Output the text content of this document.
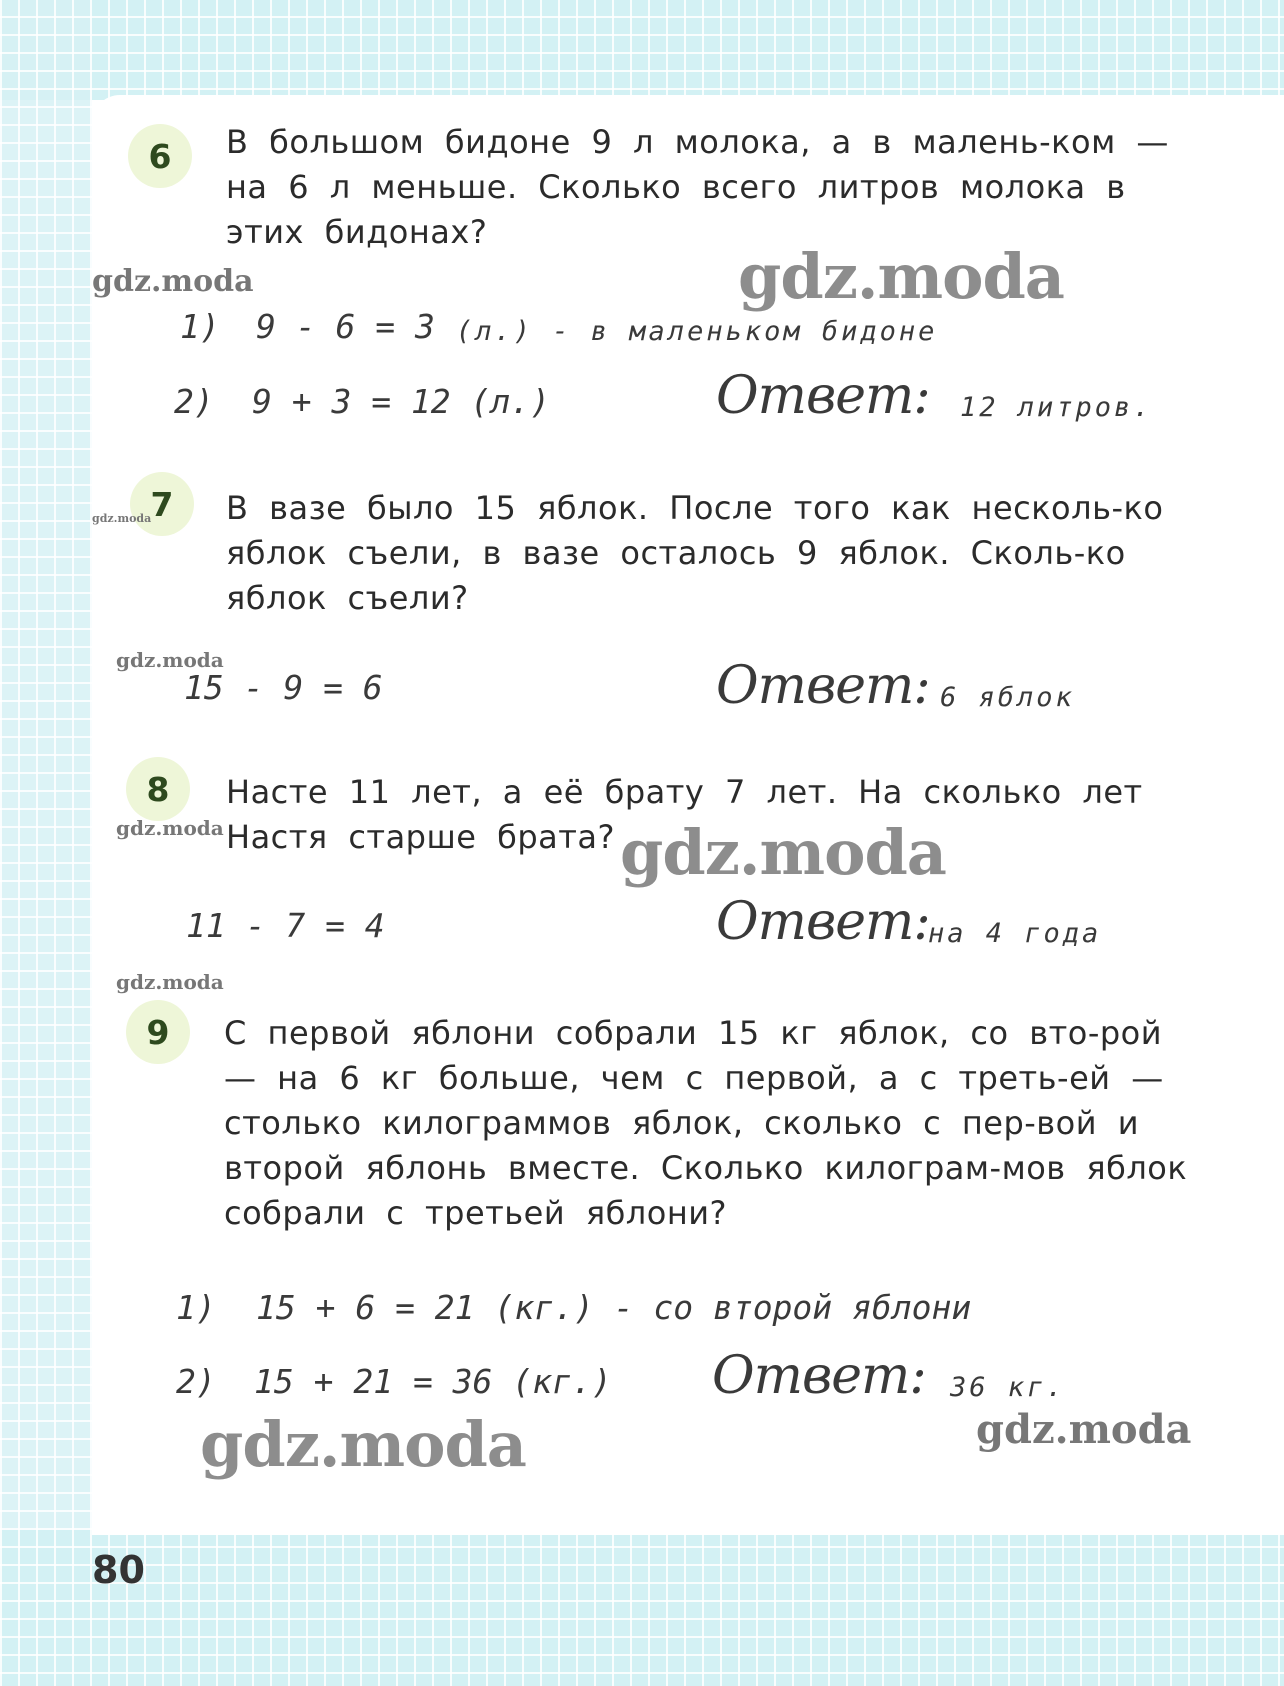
6	В большом бидоне 9 л молока, а в малень-ком — на 6 л меньше. Сколько всего литров молока в этих бидонах?
1) 9 - 6 = 3 (л.) - в маленьком бидоне
2) 9 + 3 = 12 (л.)	Ответ: 12 литров.
7	В вазе было 15 яблок. После того как несколь-ко яблок съели, в вазе осталось 9 яблок. Сколь-ко яблок съели?
15 - 9 = 6	Ответ: 6 яблок
8	Насте 11 лет, а её брату 7 лет. На сколько лет Настя старше брата?
11 - 7 = 4	Ответ:
на 4 года
9	С первой яблони собрали 15 кг яблок, со вто-рой — на 6 кг больше, чем с первой, а с треть-ей — столько килограммов яблок, сколько с пер-вой и второй яблонь вместе. Сколько килограм-мов яблок собрали с третьей яблони?
1) 15 + 6 = 21 (кг.) - со второй яблони
2) 15 + 21 = 36 (кг.) Ответ: 36 кг.
gdz.moda
gdz.moda
gdz.moda
gdz.moda
gdz.moda
gdz.moda
gdz.moda
gdz.moda	gdz.moda
80
